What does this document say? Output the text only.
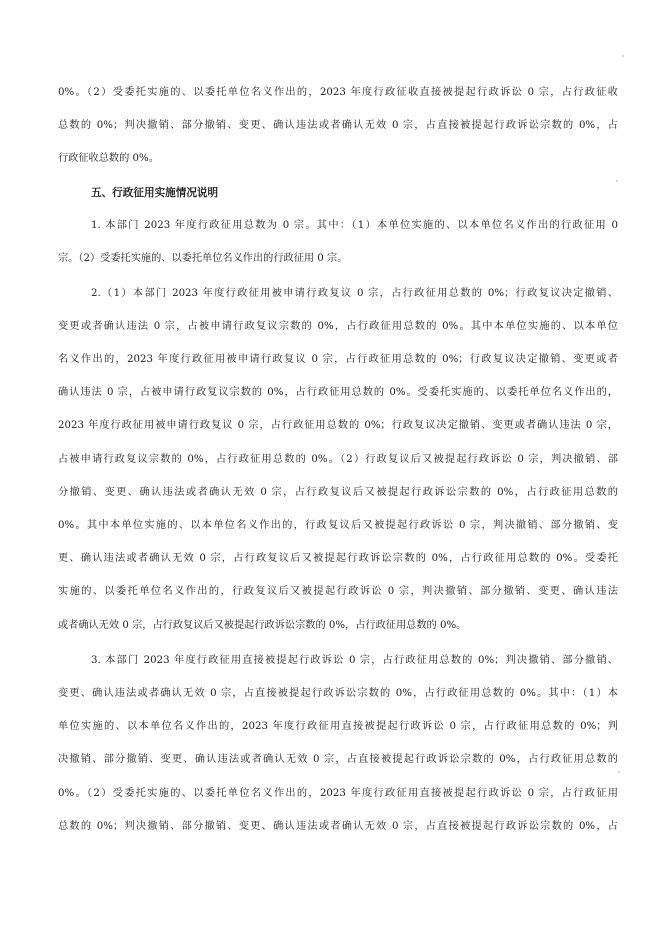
0%。（2）受委托实施的、以委托单位名义作出的，2023 年度行政征收直接被提起行政诉讼 0 宗，占行政征收
总数的 0%；判决撤销、部分撤销、变更、确认违法或者确认无效 0 宗，占直接被提起行政诉讼宗数的 0%，占
行政征收总数的 0%。
五、行政征用实施情况说明
1. 本部门 2023 年度行政征用总数为 0 宗。其中：（1）本单位实施的、以本单位名义作出的行政征用 0
宗。（2）受委托实施的、以委托单位名义作出的行政征用 0 宗。
2.（1）本部门 2023 年度行政征用被申请行政复议 0 宗，占行政征用总数的 0%；行政复议决定撤销、
变更或者确认违法 0 宗，占被申请行政复议宗数的 0%，占行政征用总数的 0%。其中本单位实施的、以本单位
名义作出的，2023 年度行政征用被申请行政复议 0 宗，占行政征用总数的 0%；行政复议决定撤销、变更或者
确认违法 0 宗，占被申请行政复议宗数的 0%，占行政征用总数的 0%。受委托实施的、以委托单位名义作出的，
2023 年度行政征用被申请行政复议 0 宗，占行政征用总数的 0%；行政复议决定撤销、变更或者确认违法 0 宗，
占被申请行政复议宗数的 0%，占行政征用总数的 0%。（2）行政复议后又被提起行政诉讼 0 宗，判决撤销、部
分撤销、变更、确认违法或者确认无效 0 宗，占行政复议后又被提起行政诉讼宗数的 0%，占行政征用总数的
0%。其中本单位实施的、以本单位名义作出的，行政复议后又被提起行政诉讼 0 宗，判决撤销、部分撤销、变
更、确认违法或者确认无效 0 宗，占行政复议后又被提起行政诉讼宗数的 0%，占行政征用总数的 0%。受委托
实施的、以委托单位名义作出的，行政复议后又被提起行政诉讼 0 宗，判决撤销、部分撤销、变更、确认违法
或者确认无效 0 宗，占行政复议后又被提起行政诉讼宗数的 0%，占行政征用总数的 0%。
3. 本部门 2023 年度行政征用直接被提起行政诉讼 0 宗，占行政征用总数的 0%；判决撤销、部分撤销、
变更、确认违法或者确认无效 0 宗，占直接被提起行政诉讼宗数的 0%，占行政征用总数的 0%。其中：（1）本
单位实施的、以本单位名义作出的，2023 年度行政征用直接被提起行政诉讼 0 宗，占行政征用总数的 0%；判
决撤销、部分撤销、变更、确认违法或者确认无效 0 宗，占直接被提起行政诉讼宗数的 0%，占行政征用总数的
0%。（2）受委托实施的、以委托单位名义作出的，2023 年度行政征用直接被提起行政诉讼 0 宗，占行政征用
总数的 0%；判决撤销、部分撤销、变更、确认违法或者确认无效 0 宗，占直接被提起行政诉讼宗数的 0%，占
